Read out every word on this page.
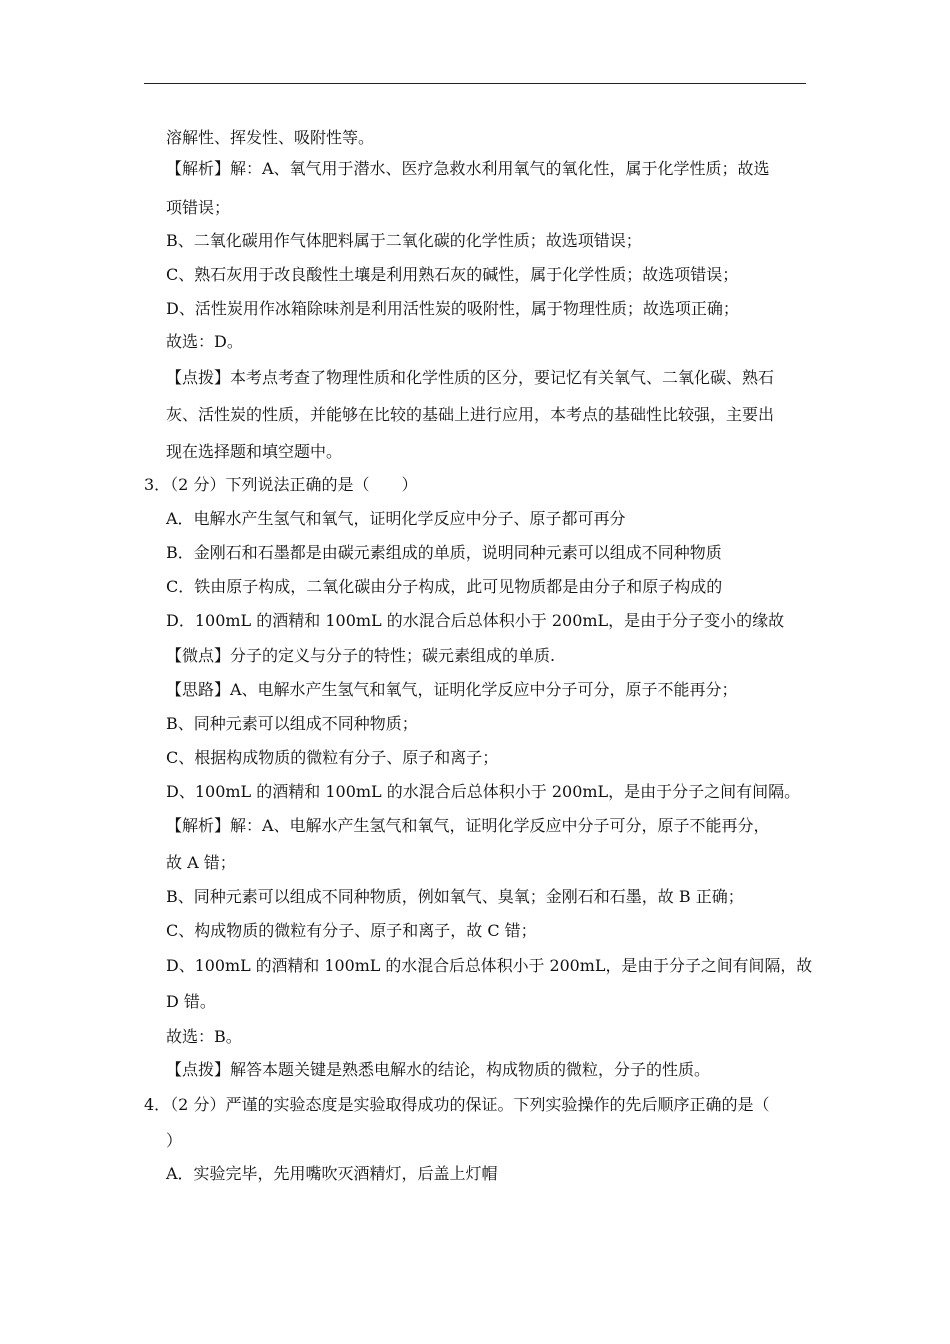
溶解性、挥发性、吸附性等。
【解析】解：A、氧气用于潜水、医疗急救水利用氧气的氧化性，属于化学性质；故选
项错误；
B、二氧化碳用作气体肥料属于二氧化碳的化学性质；故选项错误；
C、熟石灰用于改良酸性土壤是利用熟石灰的碱性，属于化学性质；故选项错误；
D、活性炭用作冰箱除味剂是利用活性炭的吸附性，属于物理性质；故选项正确；
故选：D。
【点拨】本考点考查了物理性质和化学性质的区分，要记忆有关氧气、二氧化碳、熟石
灰、活性炭的性质，并能够在比较的基础上进行应用，本考点的基础性比较强，主要出
现在选择题和填空题中。
3．（2 分）下列说法正确的是（　　）
A．电解水产生氢气和氧气，证明化学反应中分子、原子都可再分
B．金刚石和石墨都是由碳元素组成的单质，说明同种元素可以组成不同种物质
C．铁由原子构成，二氧化碳由分子构成，此可见物质都是由分子和原子构成的
D．100mL 的酒精和 100mL 的水混合后总体积小于 200mL，是由于分子变小的缘故
【微点】分子的定义与分子的特性；碳元素组成的单质.
【思路】A、电解水产生氢气和氧气，证明化学反应中分子可分，原子不能再分；
B、同种元素可以组成不同种物质；
C、根据构成物质的微粒有分子、原子和离子；
D、100mL 的酒精和 100mL 的水混合后总体积小于 200mL，是由于分子之间有间隔。
【解析】解：A、电解水产生氢气和氧气，证明化学反应中分子可分，原子不能再分，
故 A 错；
B、同种元素可以组成不同种物质，例如氧气、臭氧；金刚石和石墨，故 B 正确；
C、构成物质的微粒有分子、原子和离子，故 C 错；
D、100mL 的酒精和 100mL 的水混合后总体积小于 200mL，是由于分子之间有间隔，故
D 错。
故选：B。
【点拨】解答本题关键是熟悉电解水的结论，构成物质的微粒，分子的性质。
4．（2 分）严谨的实验态度是实验取得成功的保证。下列实验操作的先后顺序正确的是（
）
A．实验完毕，先用嘴吹灭酒精灯，后盖上灯帽
